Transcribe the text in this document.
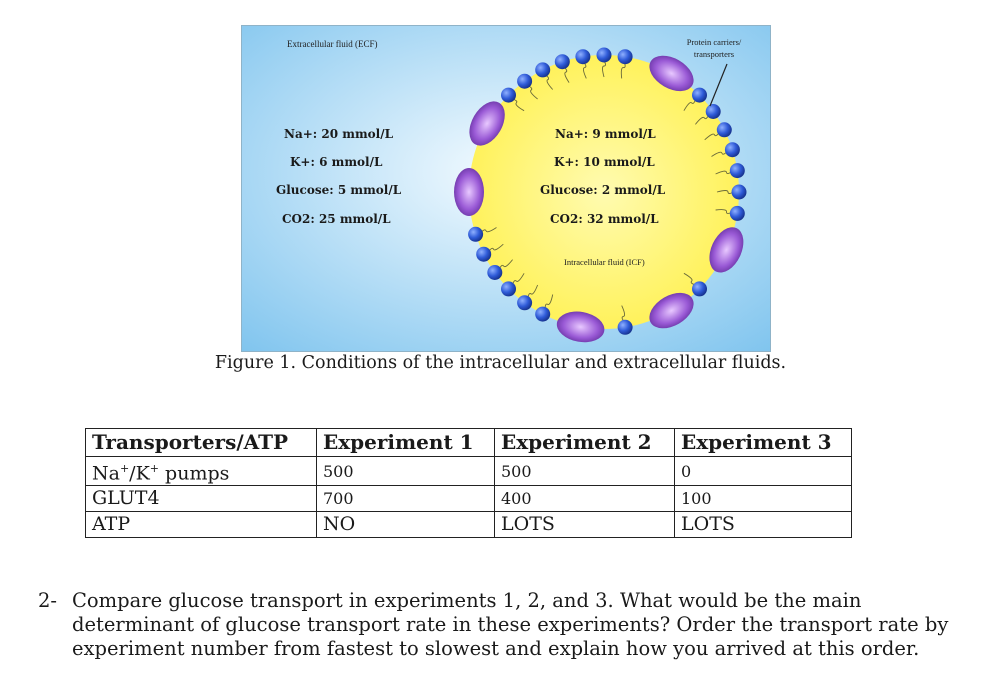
Extracellular fluid (ECF)	Protein carriers/
transporters
Na+: 20 mmol/L
K+: 6 mmol/L
Glucose: 5 mmol/L
CO2: 25 mmol/L
Na+: 9 mmol/L
K+: 10 mmol/L
Glucose: 2 mmol/L
CO2: 32 mmol/L
Intracellular fluid (ICF)
Figure 1. Conditions of the intracellular and extracellular fluids.
Transporters/ATP	Experiment 1	Experiment 2	Experiment 3
Na+/K+ pumps	500	500	0
GLUT4	700	400	100
ATP	NO	LOTS	LOTS
2- Compare glucose transport in experiments 1, 2, and 3. What would be the main determinant of glucose transport rate in these experiments? Order the transport rate by experiment number from fastest to slowest and explain how you arrived at this order.
